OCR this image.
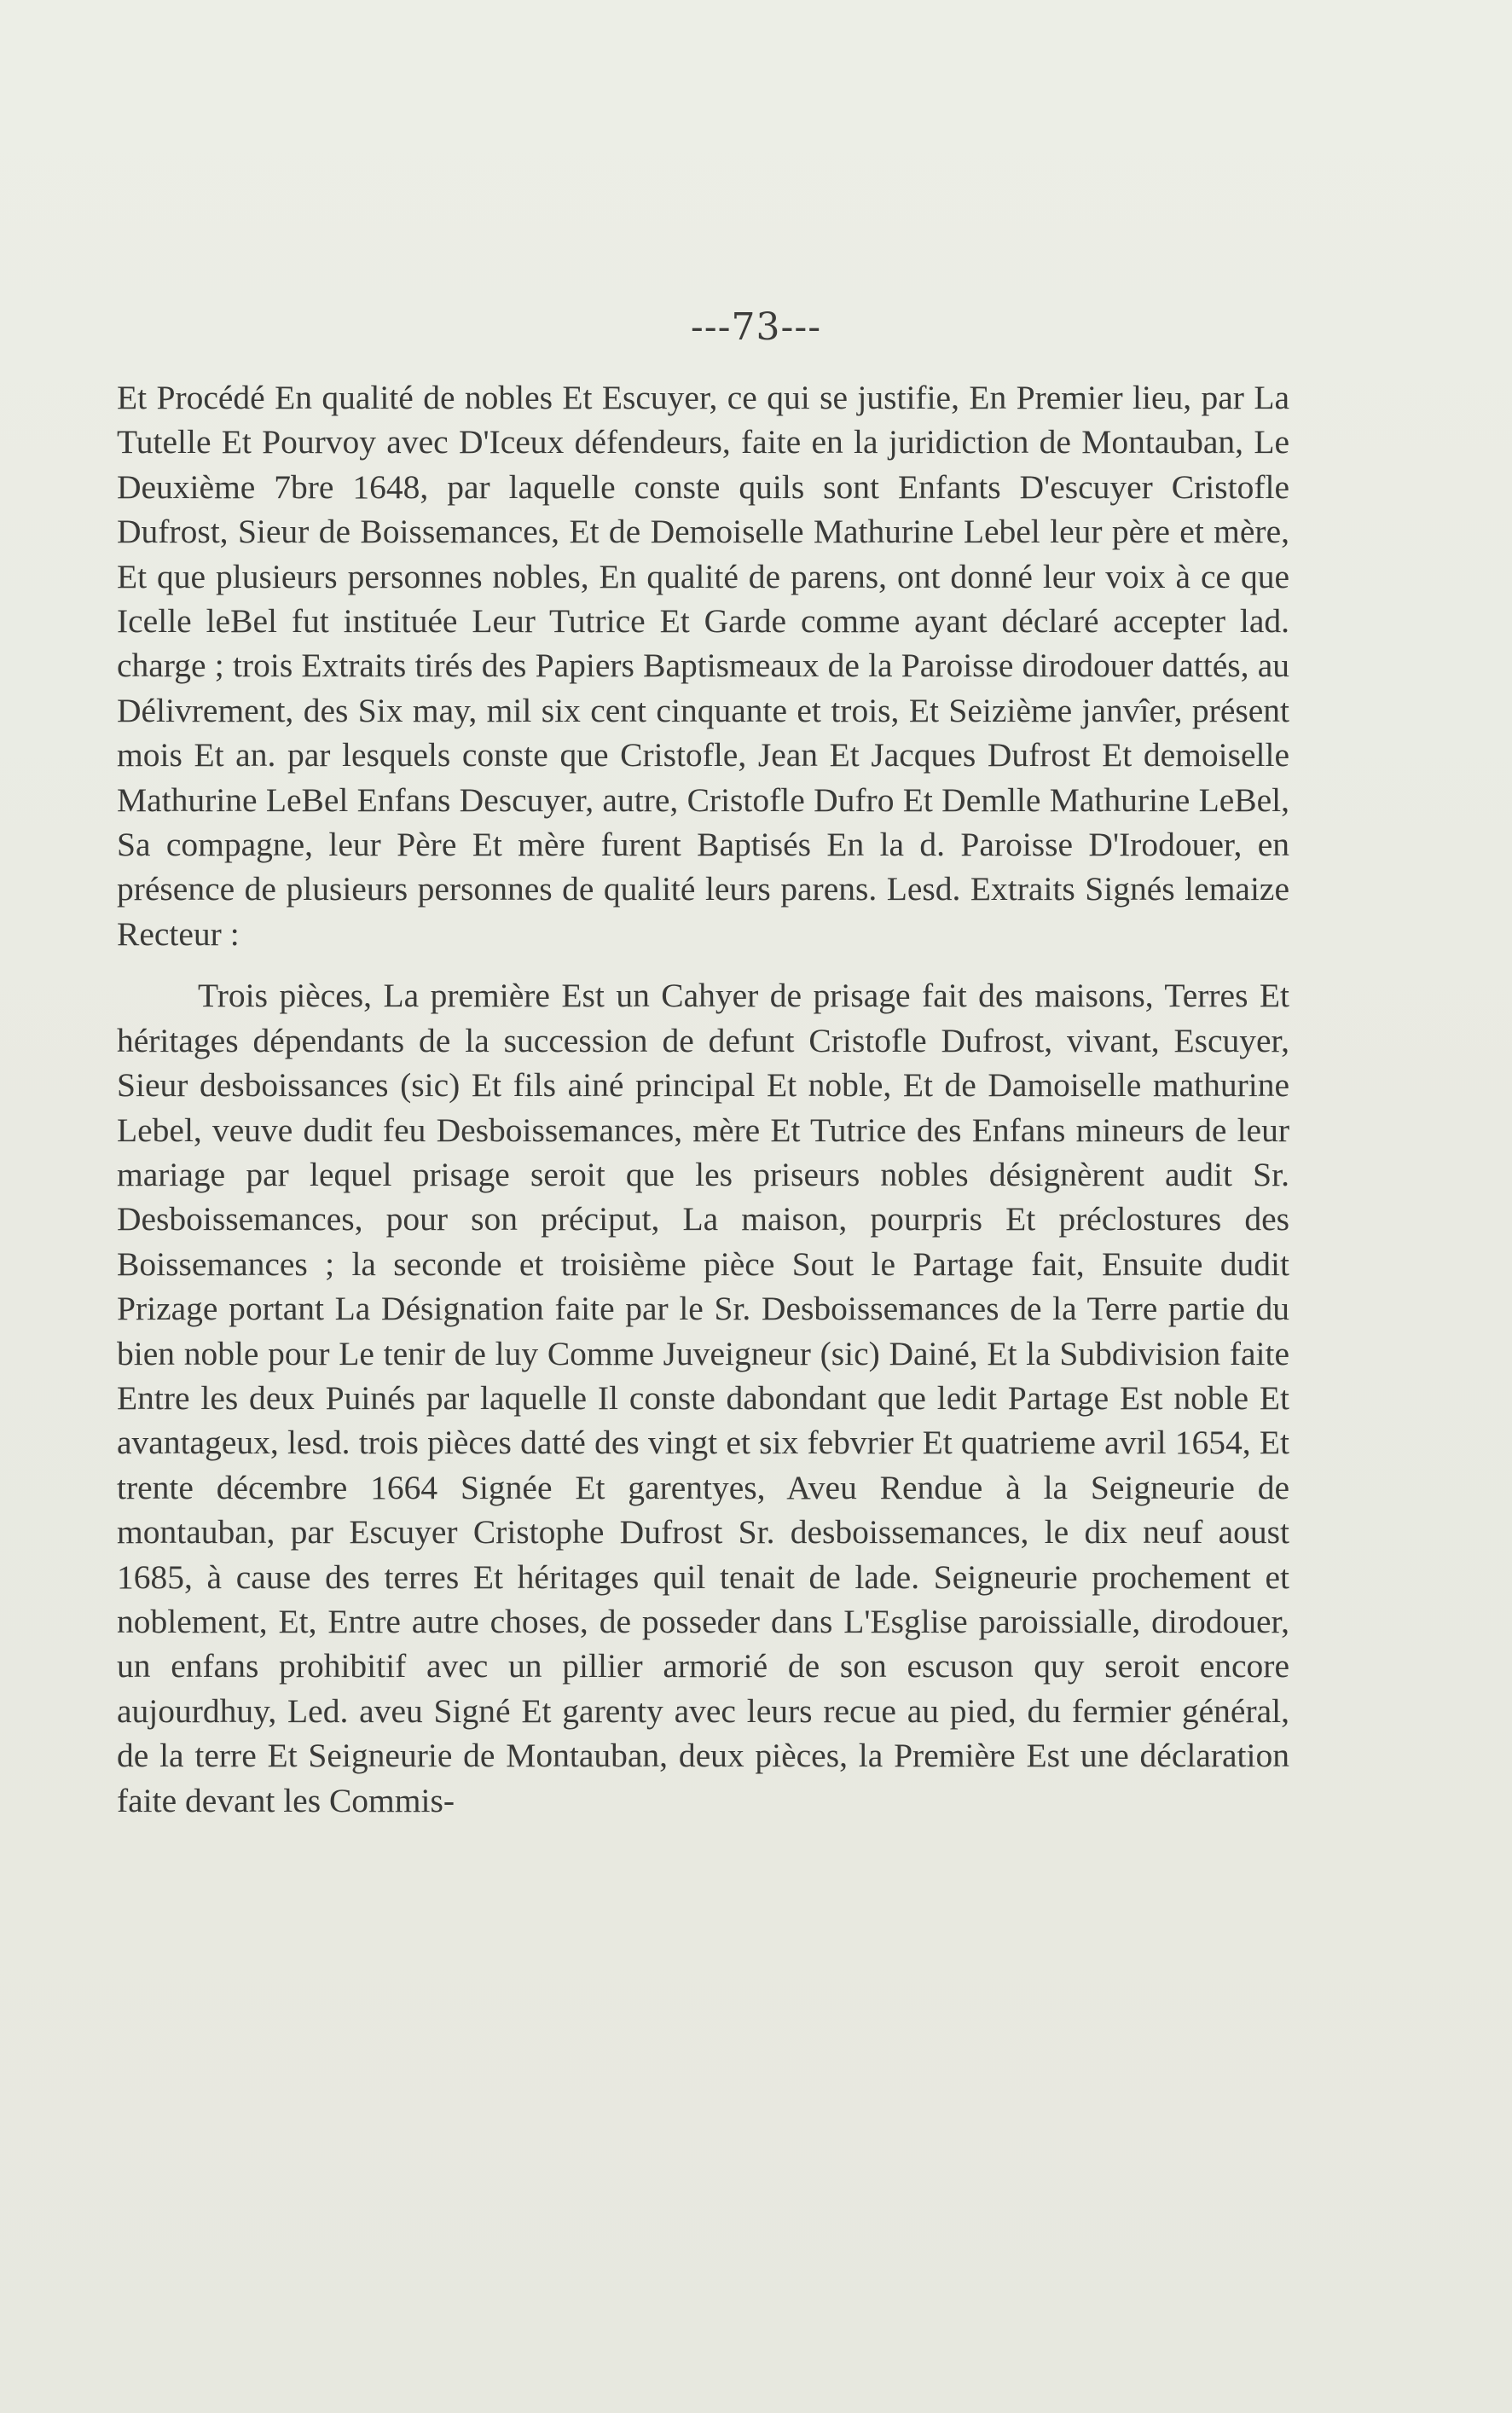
---73---

Et Procédé En qualité de nobles Et Escuyer, ce qui se justifie, En Premier lieu, par La Tutelle Et Pourvoy avec D'Iceux défendeurs, faite en la juridiction de Montauban, Le Deuxième 7bre 1648, par laquelle conste quils sont Enfants D'escuyer Cristofle Dufrost, Sieur de Boissemances, Et de Demoiselle Mathurine Lebel leur père et mère, Et que plusieurs personnes nobles, En qualité de parens, ont donné leur voix à ce que Icelle leBel fut instituée Leur Tutrice Et Garde comme ayant déclaré accepter lad. charge ; trois Extraits tirés des Papiers Baptismeaux de la Paroisse dirodouer dattés, au Délivrement, des Six may, mil six cent cinquante et trois, Et Seizième janvîer, présent mois Et an. par lesquels conste que Cristofle, Jean Et Jacques Dufrost Et demoiselle Mathurine LeBel Enfans Descuyer, autre, Cristofle Dufro Et Demlle Mathurine LeBel, Sa compagne, leur Père Et mère furent Baptisés En la d. Paroisse D'Irodouer, en présence de plusieurs personnes de qualité leurs parens. Lesd. Extraits Signés lemaize Recteur :

Trois pièces, La première Est un Cahyer de prisage fait des maisons, Terres Et héritages dépendants de la succession de defunt Cristofle Dufrost, vivant, Escuyer, Sieur desboissances (sic) Et fils ainé principal Et noble, Et de Damoiselle mathurine Lebel, veuve dudit feu Desboissemances, mère Et Tutrice des Enfans mineurs de leur mariage par lequel prisage seroit que les priseurs nobles désignèrent audit Sr. Desboissemances, pour son préciput, La maison, pourpris Et préclostures des Boissemances ; la seconde et troisième pièce Sout le Partage fait, Ensuite dudit Prizage portant La Désignation faite par le Sr. Desboissemances de la Terre partie du bien noble pour Le tenir de luy Comme Juveigneur (sic) Dainé, Et la Subdivision faite Entre les deux Puinés par laquelle Il conste dabondant que ledit Partage Est noble Et avantageux, lesd. trois pièces datté des vingt et six febvrier Et quatrieme avril 1654, Et trente décembre 1664 Signée Et garentyes, Aveu Rendue à la Seigneurie de montauban, par Escuyer Cristophe Dufrost Sr. desboissemances, le dix neuf aoust 1685, à cause des terres Et héritages quil tenait de lade. Seigneurie prochement et noblement, Et, Entre autre choses, de posseder dans L'Esglise paroissialle, dirodouer, un enfans prohibitif avec un pillier armorié de son escuson quy seroit encore aujourdhuy, Led. aveu Signé Et garenty avec leurs recue au pied, du fermier général, de la terre Et Seigneurie de Montauban, deux pièces, la Première Est une déclaration faite devant les Commis-
